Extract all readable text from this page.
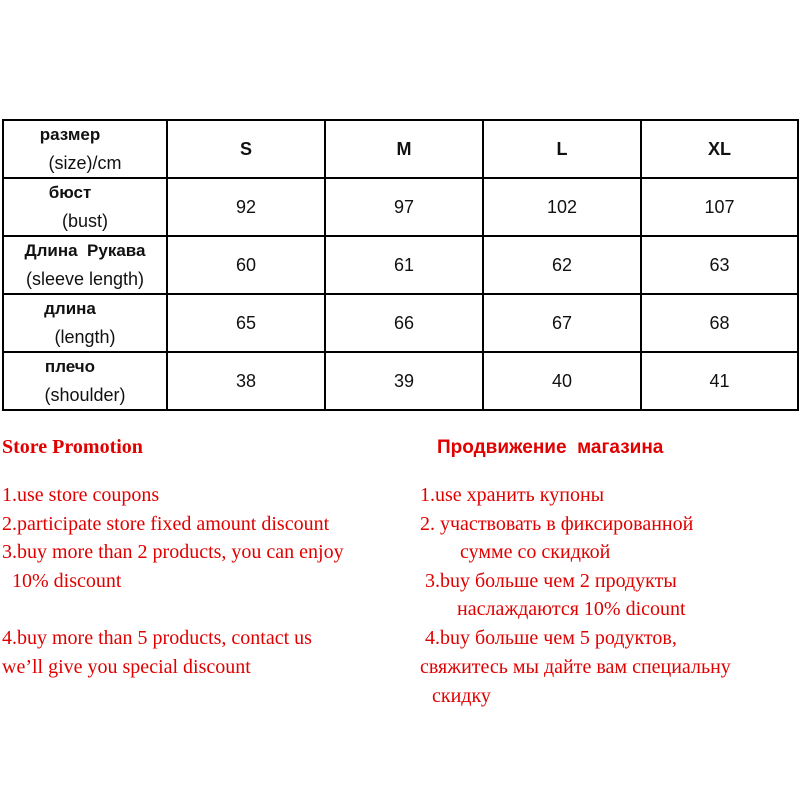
размер
(size)/cm	S	M	L	XL

бюст
(bust)	92	97	102	107

Длина  Рукава
(sleeve length)	60	61	62	63

длина
(length)	65	66	67	68

плечо
(shoulder)	38	39	40	41
Store Promotion
1.use store coupons
2.participate store fixed amount discount
3.buy more than 2 products, you can enjoy
10% discount
4.buy more than 5 products, contact us
we’ll give you special discount
Продвижение  магазина
1.use хранить купоны
2. участвовать в фиксированной
сумме со скидкой
3.buy больше чем 2 продукты
наслаждаются 10% dicount
4.buy больше чем 5 родуктов,
свяжитесь мы дайте вам специальну
скидку
